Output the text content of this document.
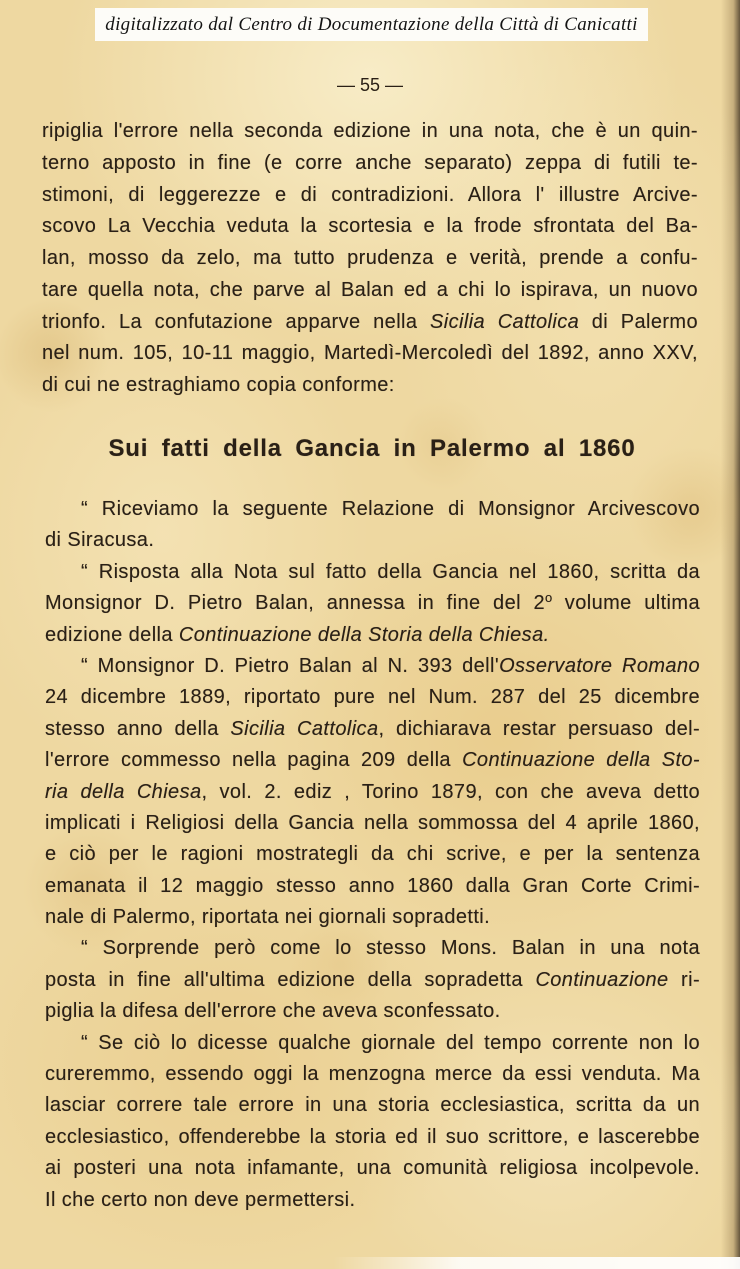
digitalizzato dal Centro di Documentazione della Città di Canicatti
— 55 —
ripiglia l'errore nella seconda edizione in una nota, che è un quin-
terno apposto in fine (e corre anche separato) zeppa di futili te-
stimoni, di leggerezze e di contradizioni. Allora l' illustre Arcive-
scovo La Vecchia veduta la scortesia e la frode sfrontata del Ba-
lan, mosso da zelo, ma tutto prudenza e verità, prende a confu-
tare quella nota, che parve al Balan ed a chi lo ispirava, un nuovo
trionfo. La confutazione apparve nella Sicilia Cattolica di Palermo
nel num. 105, 10-11 maggio, Martedì-Mercoledì del 1892, anno XXV,
di cui ne estraghiamo copia conforme:
Sui fatti della Gancia in Palermo al 1860
“ Riceviamo la seguente Relazione di Monsignor Arcivescovo
di Siracusa.
“ Risposta alla Nota sul fatto della Gancia nel 1860, scritta da
Monsignor D. Pietro Balan, annessa in fine del 2$^o$ volume ultima
edizione della Continuazione della Storia della Chiesa.
“ Monsignor D. Pietro Balan al N. 393 dell'Osservatore Romano
24 dicembre 1889, riportato pure nel Num. 287 del 25 dicembre
stesso anno della Sicilia Cattolica, dichiarava restar persuaso del-
l'errore commesso nella pagina 209 della Continuazione della Sto-
ria della Chiesa, vol. 2. ediz , Torino 1879, con che aveva detto
implicati i Religiosi della Gancia nella sommossa del 4 aprile 1860,
e ciò per le ragioni mostrategli da chi scrive, e per la sentenza
emanata il 12 maggio stesso anno 1860 dalla Gran Corte Crimi-
nale di Palermo, riportata nei giornali sopradetti.
“ Sorprende però come lo stesso Mons. Balan in una nota
posta in fine all'ultima edizione della sopradetta Continuazione ri-
piglia la difesa dell'errore che aveva sconfessato.
“ Se ciò lo dicesse qualche giornale del tempo corrente non lo
cureremmo, essendo oggi la menzogna merce da essi venduta. Ma
lasciar correre tale errore in una storia ecclesiastica, scritta da un
ecclesiastico, offenderebbe la storia ed il suo scrittore, e lascerebbe
ai posteri una nota infamante, una comunità religiosa incolpevole.
Il che certo non deve permettersi.
